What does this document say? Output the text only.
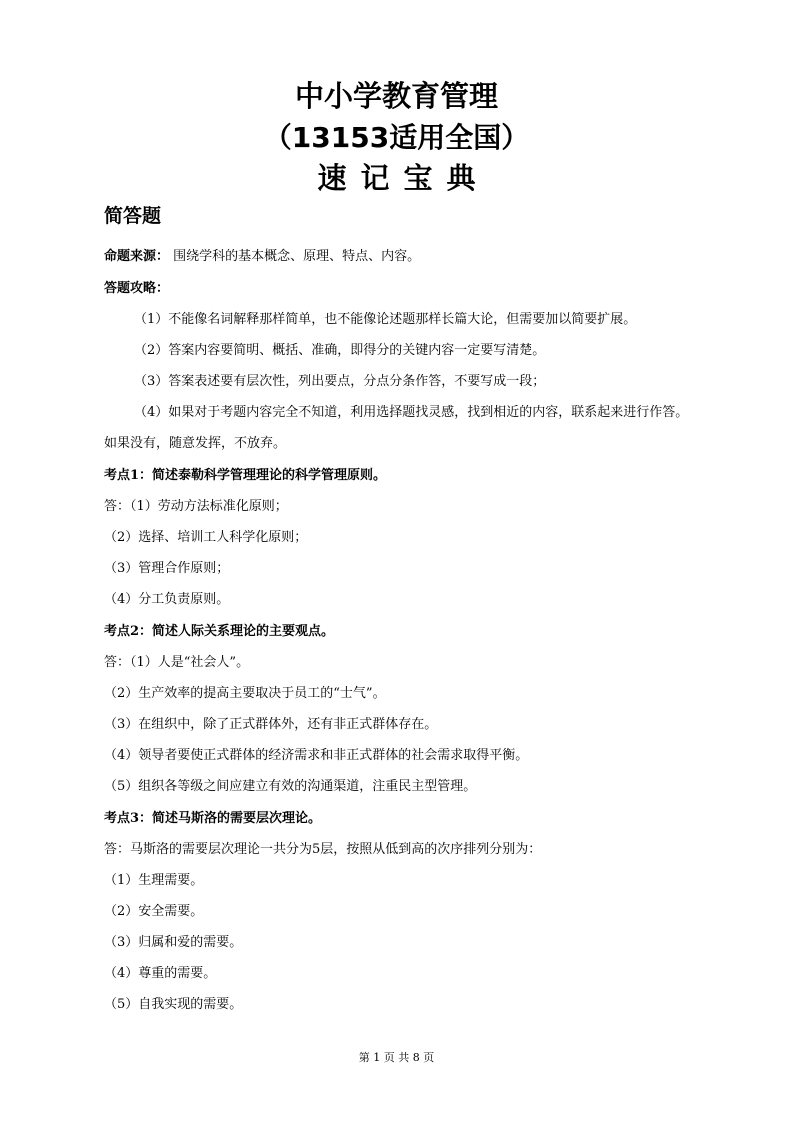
中小学教育管理
（13153适用全国）
速记宝典
简答题

命题来源： 围绕学科的基本概念、原理、特点、内容。

答题攻略：

（1）不能像名词解释那样简单，也不能像论述题那样长篇大论，但需要加以简要扩展。

（2）答案内容要简明、概括、准确，即得分的关键内容一定要写清楚。

（3）答案表述要有层次性，列出要点，分点分条作答，不要写成一段；

（4）如果对于考题内容完全不知道，利用选择题找灵感，找到相近的内容，联系起来进行作答。

如果没有，随意发挥，不放弃。

考点1：简述泰勒科学管理理论的科学管理原则。

答：（1）劳动方法标准化原则；

（2）选择、培训工人科学化原则；

（3）管理合作原则；

（4）分工负责原则。

考点2：简述人际关系理论的主要观点。

答：（1）人是“社会人”。

（2）生产效率的提高主要取决于员工的“士气”。

（3）在组织中，除了正式群体外，还有非正式群体存在。

（4）领导者要使正式群体的经济需求和非正式群体的社会需求取得平衡。

（5）组织各等级之间应建立有效的沟通渠道，注重民主型管理。

考点3：简述马斯洛的需要层次理论。

答：马斯洛的需要层次理论一共分为5层，按照从低到高的次序排列分别为：

（1）生理需要。

（2）安全需要。

（3）归属和爱的需要。

（4）尊重的需要。

（5）自我实现的需要。

第 1 页 共 8 页
